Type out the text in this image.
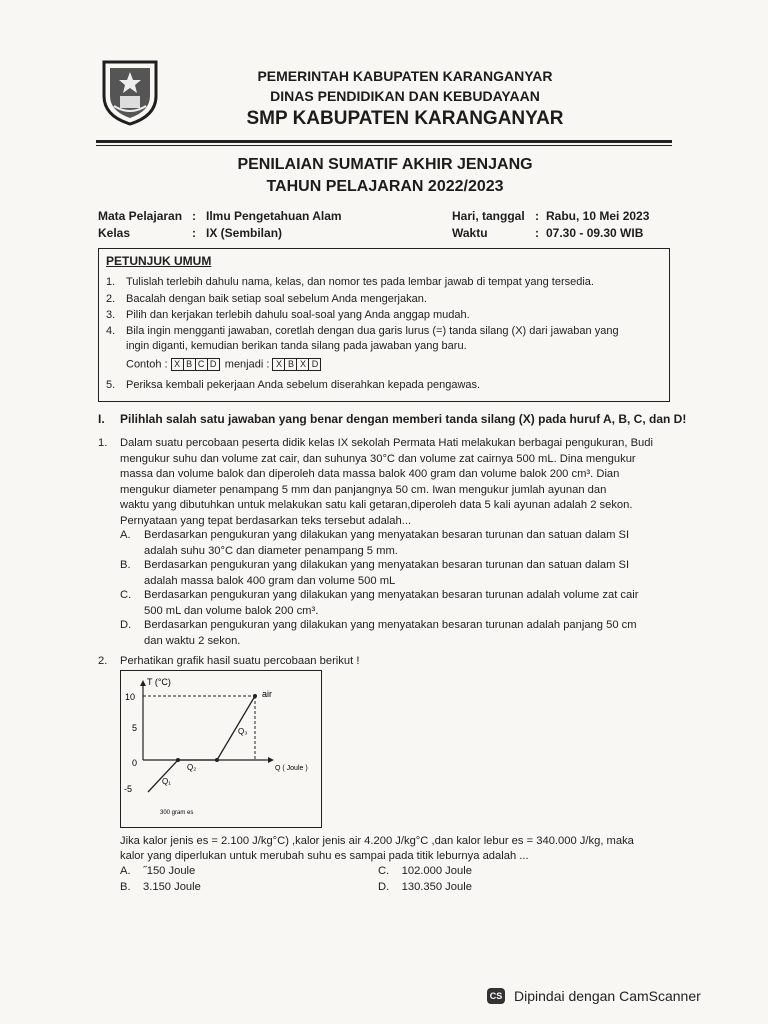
PEMERINTAH KABUPATEN KARANGANYAR
DINAS PENDIDIKAN DAN KEBUDAYAAN
SMP KABUPATEN KARANGANYAR
PENILAIAN SUMATIF AKHIR JENJANG
TAHUN PELAJARAN 2022/2023
Mata Pelajaran : Ilmu Pengetahuan Alam
Kelas	: IX (Sembilan)
Hari, tanggal : Rabu, 10 Mei 2023
Waktu	: 07.30 - 09.30 WIB
PETUNJUK UMUM
1. Tulislah terlebih dahulu nama, kelas, dan nomor tes pada lembar jawab di tempat yang tersedia.
2. Bacalah dengan baik setiap soal sebelum Anda mengerjakan.
3. Pilih dan kerjakan terlebih dahulu soal-soal yang Anda anggap mudah.
4. Bila ingin mengganti jawaban, coretlah dengan dua garis lurus (=) tanda silang (X) dari jawaban yang
ingin diganti, kemudian berikan tanda silang pada jawaban yang baru.
Contoh : X B C D menjadi : X B X D
5. Periksa kembali pekerjaan Anda sebelum diserahkan kepada pengawas.
I. Pilihlah salah satu jawaban yang benar dengan memberi tanda silang (X) pada huruf A, B, C, dan D!
1. Dalam suatu percobaan peserta didik kelas IX sekolah Permata Hati melakukan berbagai pengukuran, Budi
mengukur suhu dan volume zat cair, dan suhunya 30°C dan volume zat cairnya 500 mL. Dina mengukur
massa dan volume balok dan diperoleh data massa balok 400 gram dan volume balok 200 cm³. Dian
mengukur diameter penampang 5 mm dan panjangnya 50 cm. Iwan mengukur jumlah ayunan dan
waktu yang dibutuhkan untuk melakukan satu kali getaran,diperoleh data 5 kali ayunan adalah 2 sekon.
Pernyataan yang tepat berdasarkan teks tersebut adalah...
A. Berdasarkan pengukuran yang dilakukan yang menyatakan besaran turunan dan satuan dalam SI
adalah suhu 30°C dan diameter penampang 5 mm.
B. Berdasarkan pengukuran yang dilakukan yang menyatakan besaran turunan dan satuan dalam SI
adalah massa balok 400 gram dan volume 500 mL
C. Berdasarkan pengukuran yang dilakukan yang menyatakan besaran turunan adalah volume zat cair
500 mL dan volume balok 200 cm³.
D. Berdasarkan pengukuran yang dilakukan yang menyatakan besaran turunan adalah panjang 50 cm
dan waktu 2 sekon.
2. Perhatikan grafik hasil suatu percobaan berikut !
T (°C)
Q ( Joule )
10
5
0
-5
air
Q₁
Q₂
Q₃
300 gram es
Jika kalor jenis es = 2.100 J/kg°C) ,kalor jenis air 4.200 J/kg°C ,dan kalor lebur es = 340.000 J/kg, maka
kalor yang diperlukan untuk merubah suhu es sampai pada titik leburnya adalah ...
A. ˝150 Joule
B. 3.150 Joule
C. 102.000 Joule
D. 130.350 Joule
CS Dipindai dengan CamScanner
